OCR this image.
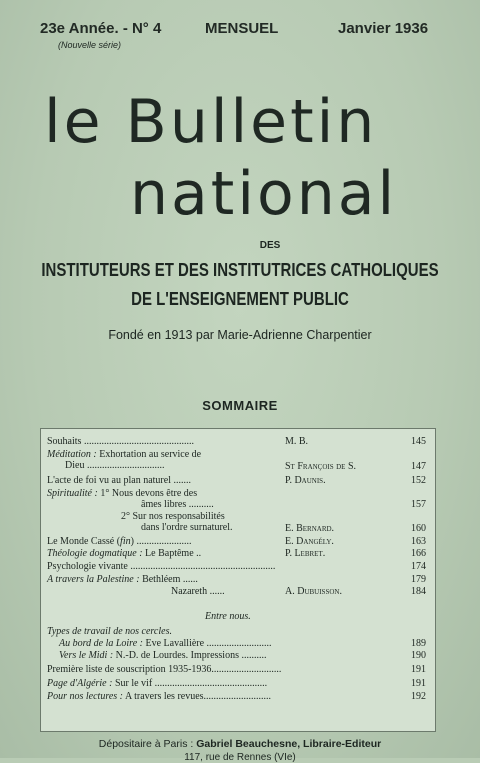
23e Année. - N° 4	MENSUEL	Janvier 1936
(Nouvelle série)
le Bulletin
national
DES
INSTITUTEURS ET DES INSTITUTRICES CATHOLIQUES
DE L'ENSEIGNEMENT PUBLIC
Fondé en 1913 par Marie-Adrienne Charpentier
SOMMAIRE
Souhaits ............................................	M. B.	145
Méditation : Exhortation au service de
Dieu ...............................	St François de S.	147
L'acte de foi vu au plan naturel .......	P. Daunis.	152
Spiritualité : 1° Nous devons être des
âmes libres ..........	157
2° Sur nos responsabilités
dans l'ordre surnaturel.	E. Bernard.	160
Le Monde Cassé (fin) ......................	E. Dangély.	163
Théologie dogmatique : Le Baptême ..	P. Lebret.	166
Psychologie vivante ..........................................................	174
A travers la Palestine : Bethléem ......	179
Nazareth ......	A. Dubuisson.	184
Entre nous.
Types de travail de nos cercles.
Au bord de la Loire : Eve Lavallière ..........................	189
Vers le Midi : N.-D. de Lourdes. Impressions ..........	190
Première liste de souscription 1935-1936............................	191
Page d'Algérie : Sur le vif .............................................	191
Pour nos lectures : A travers les revues...........................	192
Dépositaire à Paris : Gabriel Beauchesne, Libraire-Editeur
117, rue de Rennes (VIe)
